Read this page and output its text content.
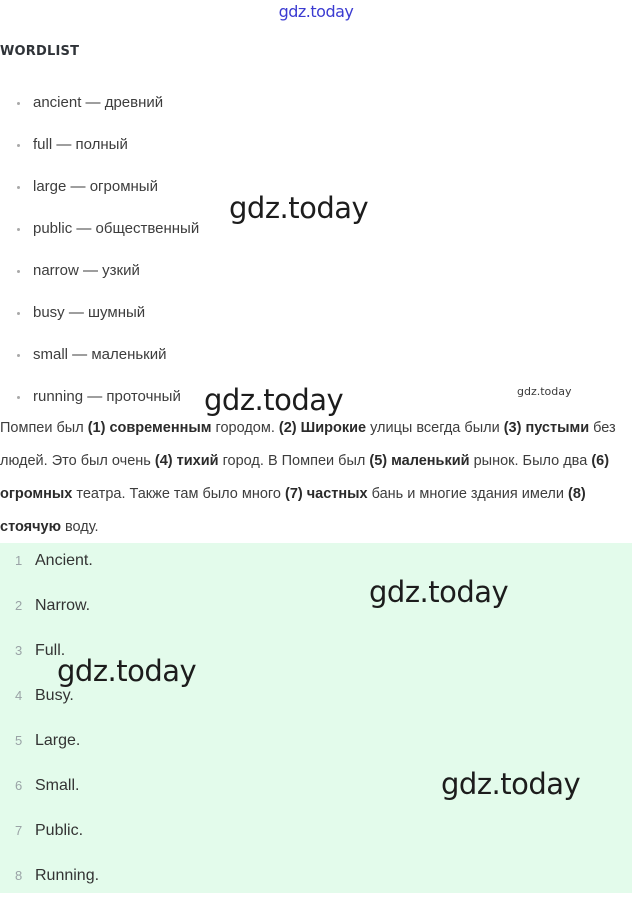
gdz.today
WORDLIST
ancient — древний
full — полный
large — огромный
public — общественный
narrow — узкий
busy — шумный
small — маленький
running — проточный
Помпеи был (1) современным городом. (2) Широкие улицы всегда были (3) пустыми без людей. Это был очень (4) тихий город. В Помпеи был (5) маленький рынок. Было два (6) огромных театра. Также там было много (7) частных бань и многие здания имели (8) стоячую воду.
1 Ancient.
2 Narrow.
3 Full.
4 Busy.
5 Large.
6 Small.
7 Public.
8 Running.
gdz.today
gdz.today	gdz.today
gdz.today
gdz.today
gdz.today
